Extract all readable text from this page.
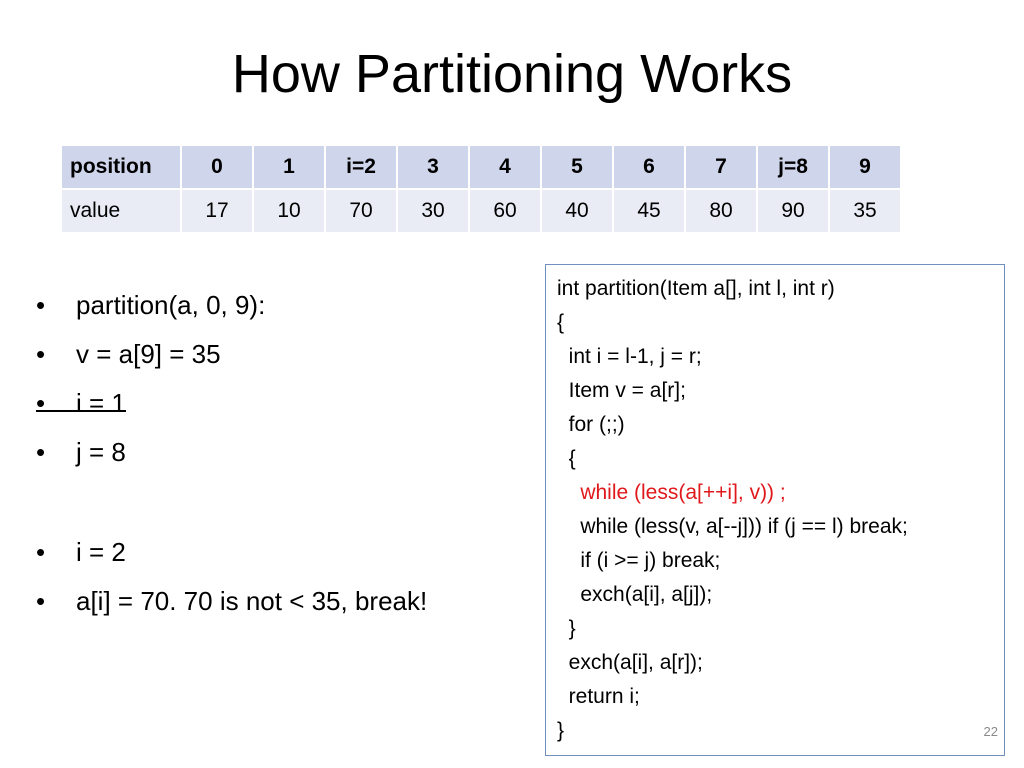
How Partitioning Works
position	0	1	i=2	3	4	5	6	7	j=8	9
value	17	10	70	30	60	40	45	80	90	35
• partition(a, 0, 9):
• v = a[9] = 35
• i = 1
• j = 8
• i = 2
• a[i] = 70. 70 is not < 35, break!
int partition(Item a[], int l, int r)
{
int i = l-1, j = r;
Item v = a[r];
for (;;)
{
while (less(a[++i], v)) ;
while (less(v, a[--j])) if (j == l) break;
if (i >= j) break;
exch(a[i], a[j]);
}
exch(a[i], a[r]);
return i;
}	22
